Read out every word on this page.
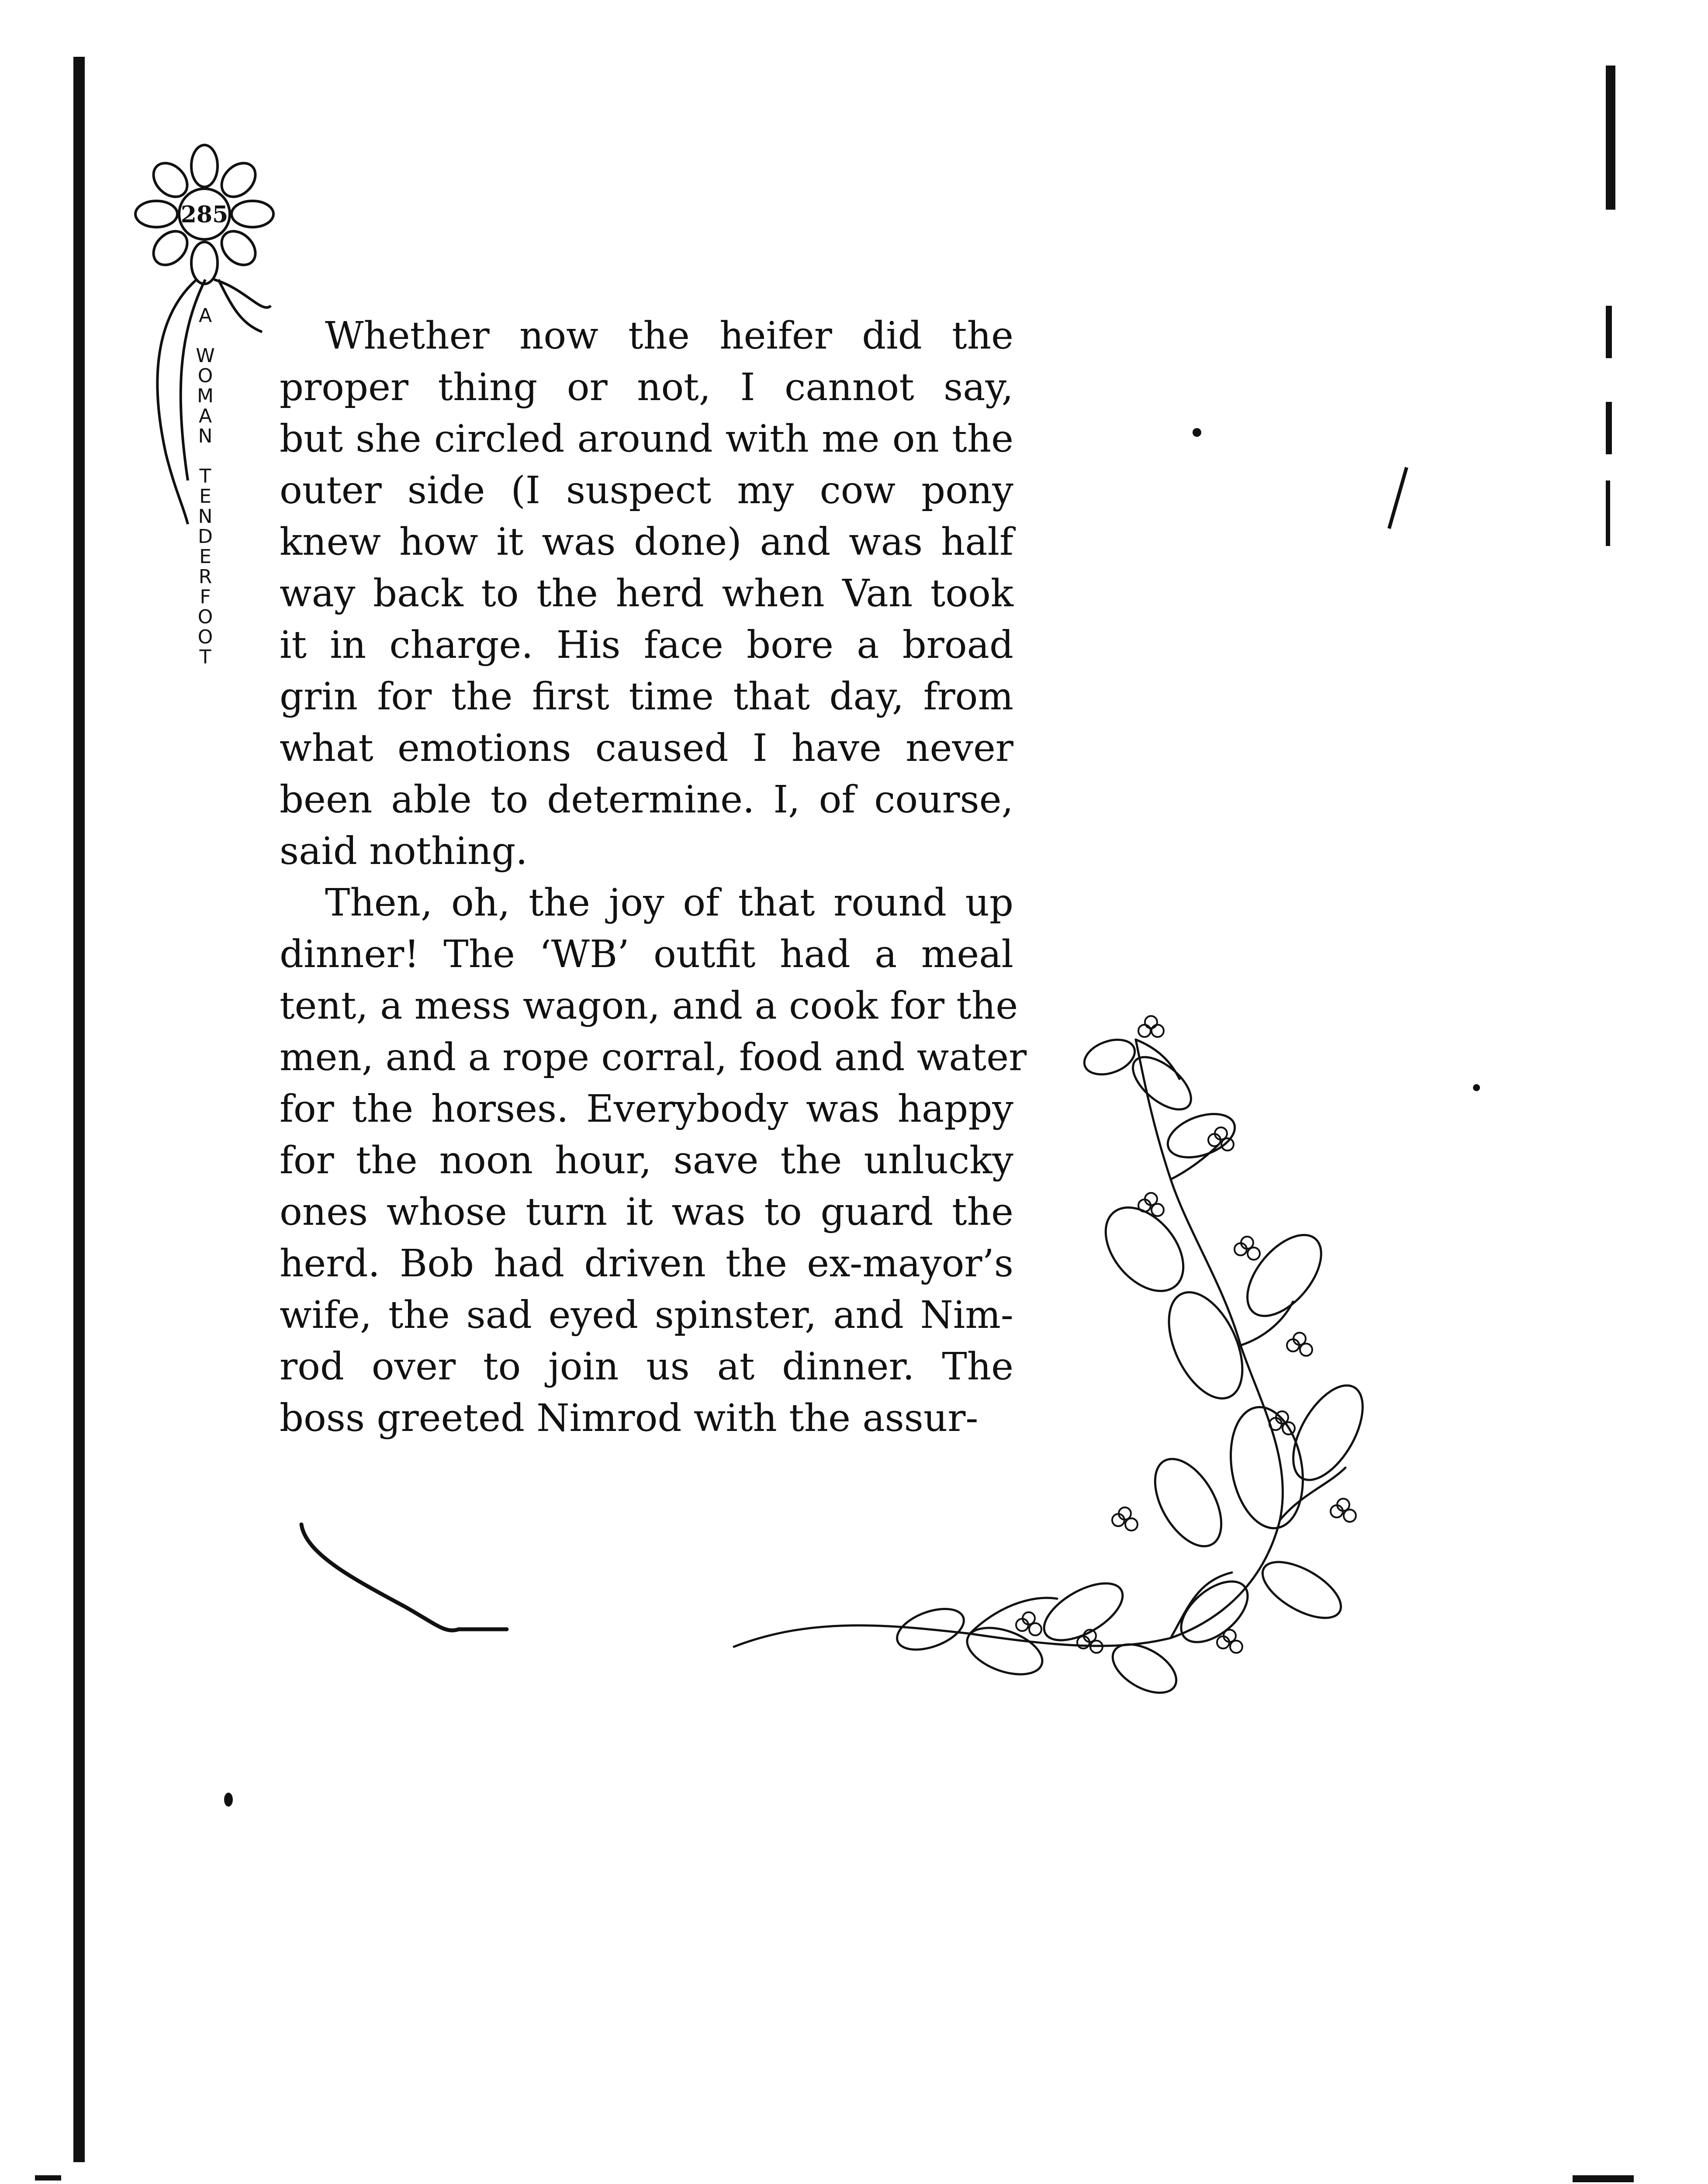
285
A
W
O
M
A
N
T
E
N
D
E
R
F
O
O
T
Whether now the heifer did the
proper thing or not, I cannot say,
but she circled around with me on the
outer side (I suspect my cow pony
knew how it was done) and was half
way back to the herd when Van took
it in charge. His face bore a broad
grin for the first time that day, from
what emotions caused I have never
been able to determine. I, of course,
said nothing.
Then, oh, the joy of that round up
dinner! The ‘WB’ outfit had a meal
tent, a mess wagon, and a cook for the
men, and a rope corral, food and water
for the horses. Everybody was happy
for the noon hour, save the unlucky
ones whose turn it was to guard the
herd. Bob had driven the ex-mayor’s
wife, the sad eyed spinster, and Nim-
rod over to join us at dinner. The
boss greeted Nimrod with the assur-
